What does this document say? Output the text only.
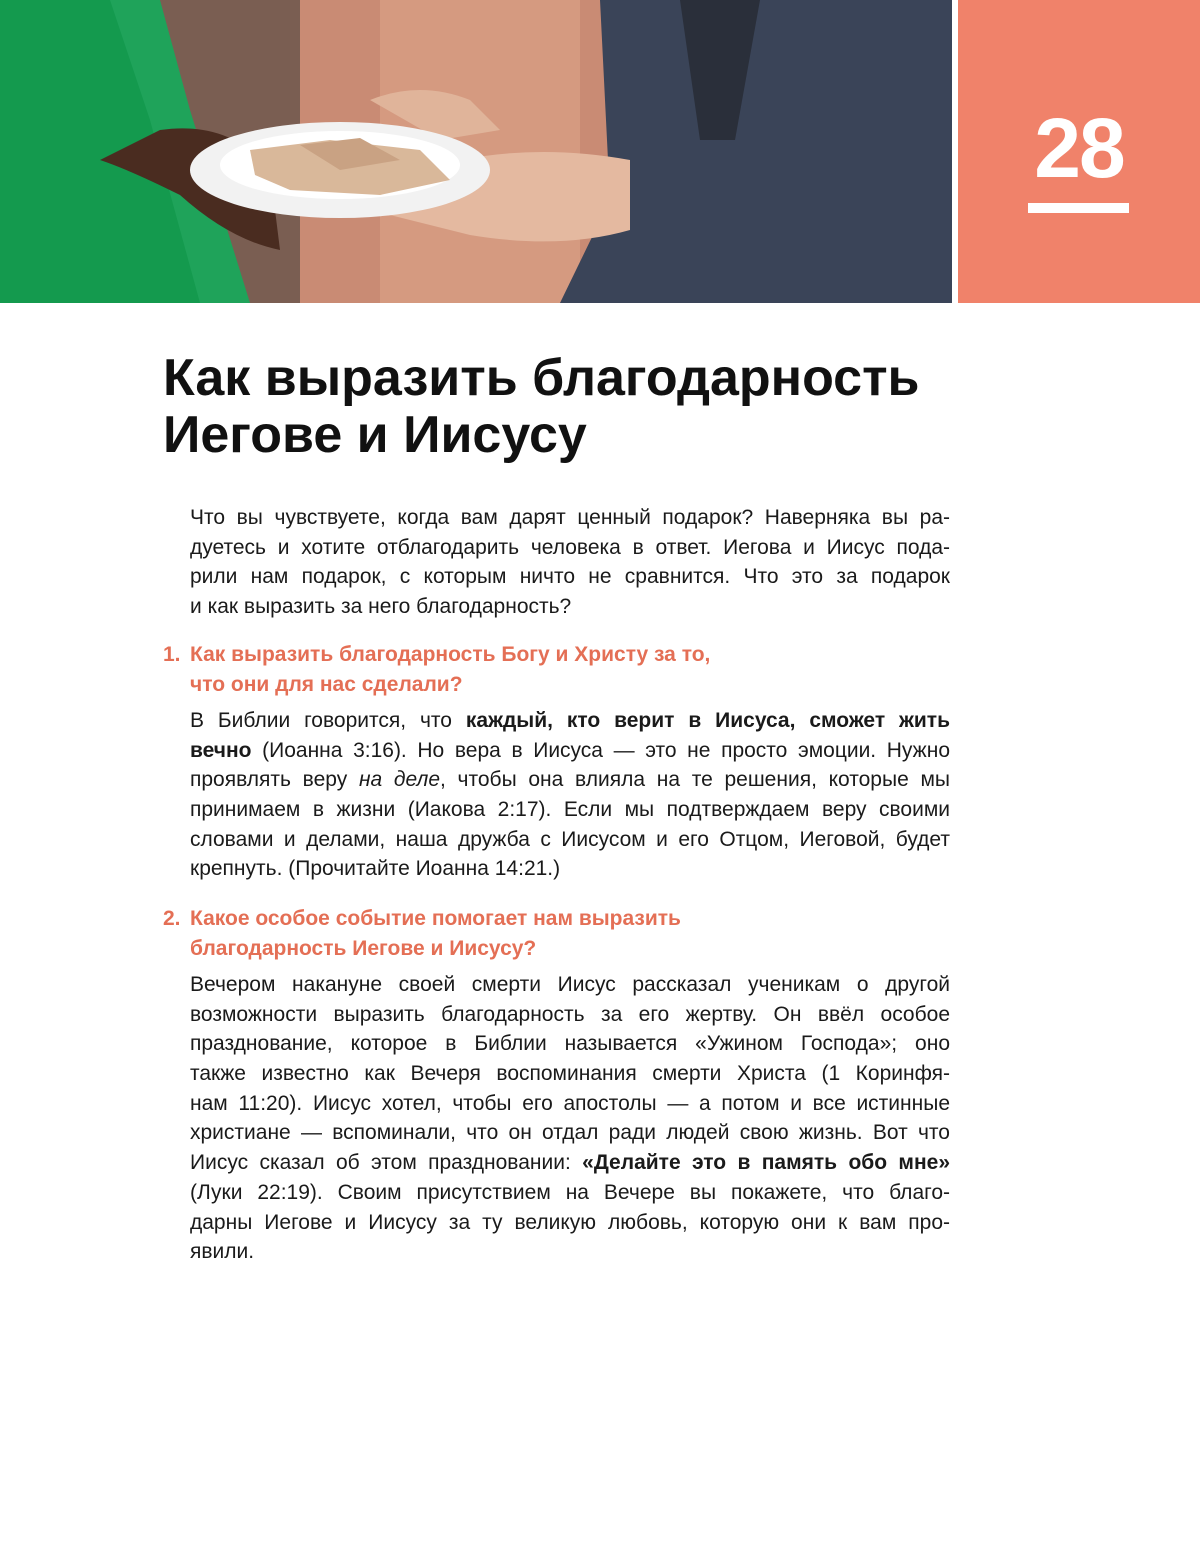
28
Как выразить благодарность
Иегове и Иисусу
Что вы чувствуете, когда вам дарят ценный подарок? Наверняка вы ра-
дуетесь и хотите отблагодарить человека в ответ. Иегова и Иисус пода-
рили нам подарок, с которым ничто не сравнится. Что это за подарок
и как выразить за него благодарность?
1. Как выразить благодарность Богу и Христу за то,
что они для нас сделали?
В Библии говорится, что каждый, кто верит в Иисуса, сможет жить
вечно (Иоанна 3:16). Но вера в Иисуса — это не просто эмоции. Нужно
проявлять веру на деле, чтобы она влияла на те решения, которые мы
принимаем в жизни (Иакова 2:17). Если мы подтверждаем веру своими
словами и делами, наша дружба с Иисусом и его Отцом, Иеговой, будет
крепнуть. (Прочитайте Иоанна 14:21.)
2. Какое особое событие помогает нам выразить
благодарность Иегове и Иисусу?
Вечером накануне своей смерти Иисус рассказал ученикам о другой
возможности выразить благодарность за его жертву. Он ввёл особое
празднование, которое в Библии называется «Ужином Господа»; оно
также известно как Вечеря воспоминания смерти Христа (1 Коринфя-
нам 11:20). Иисус хотел, чтобы его апостолы — а потом и все истинные
христиане — вспоминали, что он отдал ради людей свою жизнь. Вот что
Иисус сказал об этом праздновании: «Делайте это в память обо мне»
(Луки 22:19). Своим присутствием на Вечере вы покажете, что благо-
дарны Иегове и Иисусу за ту великую любовь, которую они к вам про-
явили.
